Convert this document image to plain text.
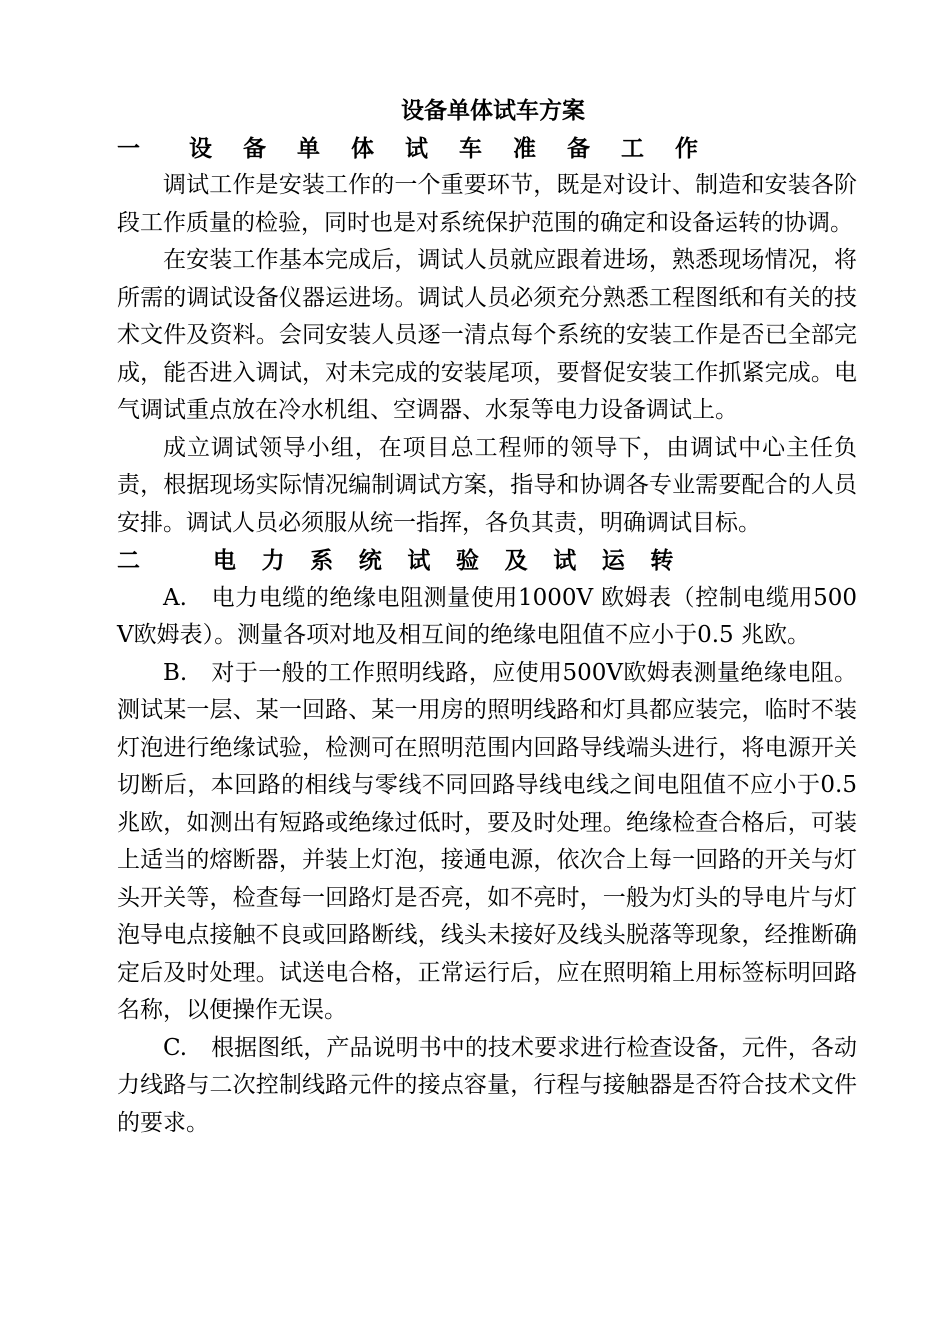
设备单体试车方案
一	设备单体试车准备工作

调试工作是安装工作的一个重要环节，既是对设计、制造和安装各阶段工作质量的检验，同时也是对系统保护范围的确定和设备运转的协调。

在安装工作基本完成后，调试人员就应跟着进场，熟悉现场情况，将所需的调试设备仪器运进场。调试人员必须充分熟悉工程图纸和有关的技术文件及资料。会同安装人员逐一清点每个系统的安装工作是否已全部完成，能否进入调试，对未完成的安装尾项，要督促安装工作抓紧完成。电气调试重点放在冷水机组、空调器、水泵等电力设备调试上。

成立调试领导小组，在项目总工程师的领导下，由调试中心主任负责，根据现场实际情况编制调试方案，指导和协调各专业需要配合的人员安排。调试人员必须服从统一指挥，各负其责，明确调试目标。

二	电力系统试验及试运转

A. 电力电缆的绝缘电阻测量使用1000V 欧姆表（控制电缆用500V欧姆表）。测量各项对地及相互间的绝缘电阻值不应小于0.5 兆欧。

B. 对于一般的工作照明线路，应使用500V欧姆表测量绝缘电阻。测试某一层、某一回路、某一用房的照明线路和灯具都应装完，临时不装灯泡进行绝缘试验，检测可在照明范围内回路导线端头进行，将电源开关切断后，本回路的相线与零线不同回路导线电线之间电阻值不应小于0.5 兆欧，如测出有短路或绝缘过低时，要及时处理。绝缘检查合格后，可装上适当的熔断器，并装上灯泡，接通电源，依次合上每一回路的开关与灯头开关等，检查每一回路灯是否亮，如不亮时，一般为灯头的导电片与灯泡导电点接触不良或回路断线，线头未接好及线头脱落等现象，经推断确定后及时处理。试送电合格，正常运行后，应在照明箱上用标签标明回路名称，以便操作无误。

C. 根据图纸，产品说明书中的技术要求进行检查设备，元件，各动力线路与二次控制线路元件的接点容量，行程与接触器是否符合技术文件的要求。
